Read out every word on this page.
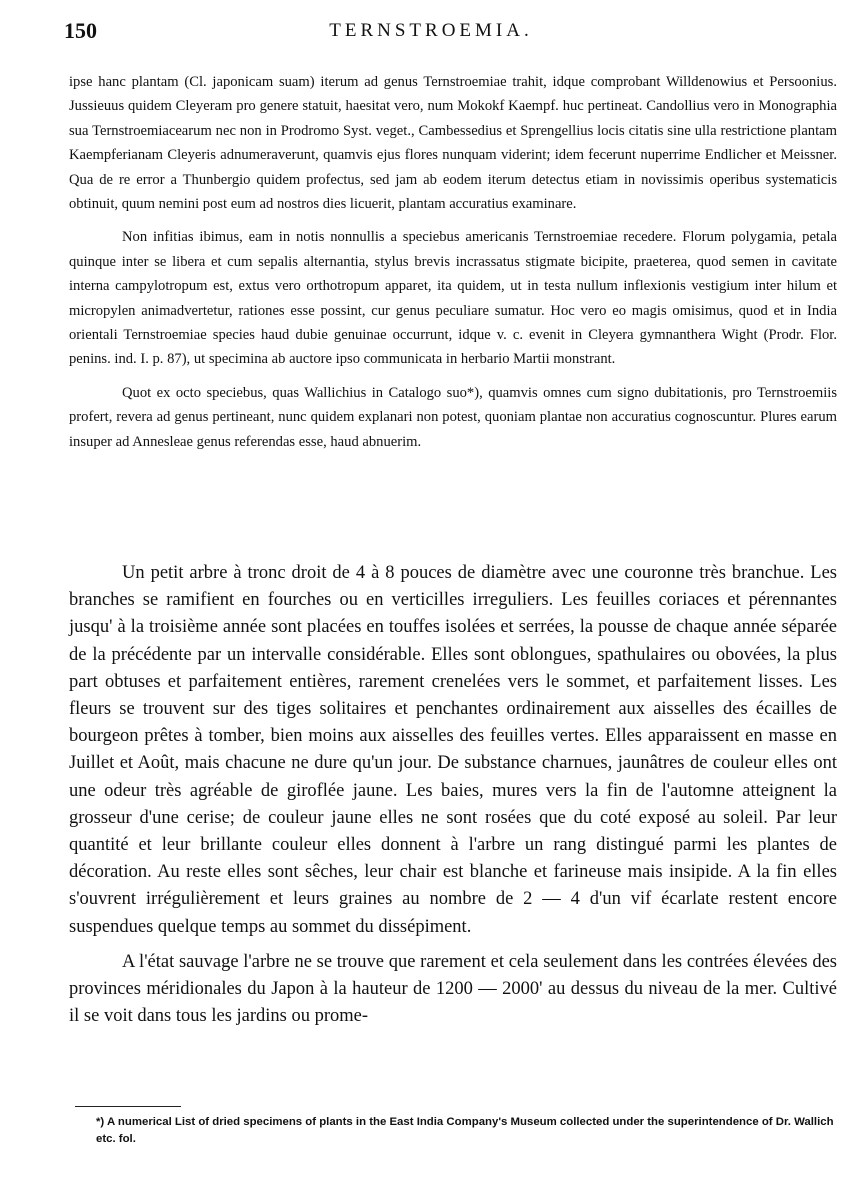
150	TERNSTROEMIA.

ipse hanc plantam (Cl. japonicam suam) iterum ad genus Ternstroemiae trahit, idque comprobant Willdenowius et Persoonius. Jussieuus quidem Cleyeram pro genere statuit, haesitat vero, num Mokokf Kaempf. huc pertineat. Candollius vero in Monographia sua Ternstroemiacearum nec non in Prodromo Syst. veget., Cambessedius et Sprengellius locis citatis sine ulla restrictione plantam Kaempferianam Cleyeris adnumeraverunt, quamvis ejus flores nunquam viderint; idem fecerunt nuperrime Endlicher et Meissner. Qua de re error a Thunbergio quidem profectus, sed jam ab eodem iterum detectus etiam in novissimis operibus systematicis obtinuit, quum nemini post eum ad nostros dies licuerit, plantam accuratius examinare.

Non infitias ibimus, eam in notis nonnullis a speciebus americanis Ternstroemiae recedere. Florum polygamia, petala quinque inter se libera et cum sepalis alternantia, stylus brevis incrassatus stigmate bicipite, praeterea, quod semen in cavitate interna campylotropum est, extus vero orthotropum apparet, ita quidem, ut in testa nullum inflexionis vestigium inter hilum et micropylen animadvertetur, rationes esse possint, cur genus peculiare sumatur. Hoc vero eo magis omisimus, quod et in India orientali Ternstroemiae species haud dubie genuinae occurrunt, idque v. c. evenit in Cleyera gymnanthera Wight (Prodr. Flor. penins. ind. I. p. 87), ut specimina ab auctore ipso communicata in herbario Martii monstrant.

Quot ex octo speciebus, quas Wallichius in Catalogo suo*), quamvis omnes cum signo dubitationis, pro Ternstroemiis profert, revera ad genus pertineant, nunc quidem explanari non potest, quoniam plantae non accuratius cognoscuntur. Plures earum insuper ad Annesleae genus referendas esse, haud abnuerim.

Un petit arbre à tronc droit de 4 à 8 pouces de diamètre avec une couronne très branchue. Les branches se ramifient en fourches ou en verticilles irreguliers. Les feuilles coriaces et pérennantes jusqu' à la troisième année sont placées en touffes isolées et serrées, la pousse de chaque année séparée de la précédente par un intervalle considérable. Elles sont oblongues, spathulaires ou obovées, la plus part obtuses et parfaitement entières, rarement crenelées vers le sommet, et parfaitement lisses. Les fleurs se trouvent sur des tiges solitaires et penchantes ordinairement aux aisselles des écailles de bourgeon prêtes à tomber, bien moins aux aisselles des feuilles vertes. Elles apparaissent en masse en Juillet et Août, mais chacune ne dure qu'un jour. De substance charnues, jaunâtres de couleur elles ont une odeur très agréable de giroflée jaune. Les baies, mures vers la fin de l'automne atteignent la grosseur d'une cerise; de couleur jaune elles ne sont rosées que du coté exposé au soleil. Par leur quantité et leur brillante couleur elles donnent à l'arbre un rang distingué parmi les plantes de décoration. Au reste elles sont sêches, leur chair est blanche et farineuse mais insipide. A la fin elles s'ouvrent irrégulièrement et leurs graines au nombre de 2 — 4 d'un vif écarlate restent encore suspendues quelque temps au sommet du dissépiment.

A l'état sauvage l'arbre ne se trouve que rarement et cela seulement dans les contrées élevées des provinces méridionales du Japon à la hauteur de 1200 — 2000' au dessus du niveau de la mer. Cultivé il se voit dans tous les jardins ou prome-

*) A numerical List of dried specimens of plants in the East India Company's Museum collected under the superintendence of Dr. Wallich etc. fol.
